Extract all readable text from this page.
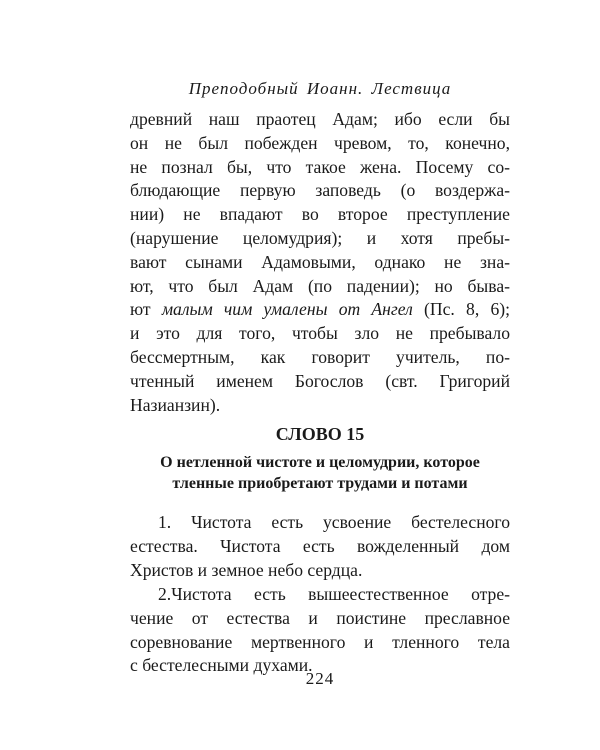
Преподобный Иоанн. Лествица

древний наш праотец Адам; ибо если бы
он не был побежден чревом, то, конечно,
не познал бы, что такое жена. Посему со-
блюдающие первую заповедь (о воздержа-
нии) не впадают во второе преступление
(нарушение целомудрия); и хотя пребы-
вают сынами Адамовыми, однако не зна-
ют, что был Адам (по падении); но быва-
ют малым чим умалены от Ангел (Пс. 8, 6);
и это для того, чтобы зло не пребывало
бессмертным, как говорит учитель, по-
чтенный именем Богослов (свт. Григорий
Назианзин).

СЛОВО 15
О нетленной чистоте и целомудрии, которое
тленные приобретают трудами и потами

1. Чистота есть усвоение бестелесного
естества. Чистота есть вожделенный дом
Христов и земное небо сердца.

2.Чистота есть вышеестественное отре-
чение от естества и поистине преславное
соревнование мертвенного и тленного тела
с бестелесными духами.

224
